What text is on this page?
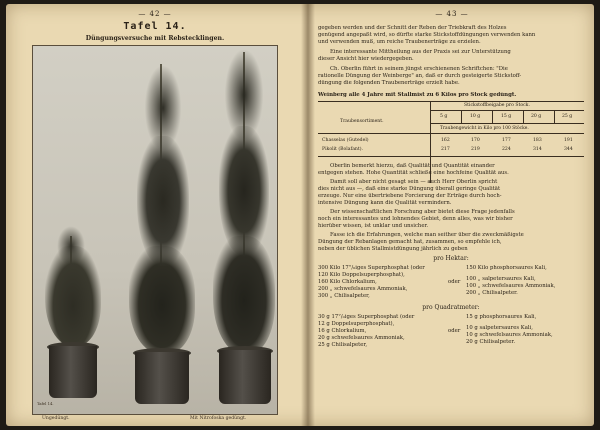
— 42 —
Tafel 14.
Düngungsversuche mit Rebstecklingen.
Tafel 14.
Ungedüngt.	Mit Nitrofoska gedüngt.
— 43 —
gegeben werden und der Schnitt der Reben der Triebkraft des Holzes
genügend angepaßt wird, so dürfte starke Stickstoffdüngungen verwenden kann
und verwenden muß, um reiche Traubenerträge zu erzielen.
Eine interessante Mittheilung aus der Praxis sei zur Unterstützung
dieser Ansicht hier wiedergegeben.
Ch. Oberlin führt in seinem jüngst erschienenen Schriftchen: "Die
rationelle Düngung der Weinberge" an, daß er durch gesteigerte Stickstoff-
düngung die folgenden Traubenerträge erzielt habe.
Weinberg alle 4 Jahre mit Stallmist zu 6 Kilos pro Stock gedüngt.
Stickstoffbeigabe pro Stock.
Traubensortiment.
5 g	10 g	15 g	20 g	25 g
Traubengewicht in Kilo pro 100 Stöcke.
Chasselas (Gutedel)	162	170	177	183	191
Pikolit (Bolafant).	217	219	224	314	344
Oberlin bemerkt hierzu, daß Qualität und Quantität einander
entgegen stehen. Hohe Quantität schließe eine hochfeine Qualität aus.
Damit soll aber nicht gesagt sein — auch Herr Oberlin spricht
dies nicht aus —, daß eine starke Düngung überall geringe Qualität
erzeuge. Nur eine übertriebene Forcierung der Erträge durch hoch-
intensive Düngung kann die Qualität vermindern.
Der wissenschaftlichen Forschung aber bietet diese Frage jedenfalls
noch ein interessantes und lohnendes Gebiet, denn alles, was wir bisher
hierüber wissen, ist unklar und unsicher.
Fasse ich die Erfahrungen, welche man seither über die zweckmäßigste
Düngung der Rebanlagen gemacht hat, zusammen, so empfehle ich,
neben der üblichen Stallmistdüngung jährlich zu geben
pro Hektar:
300 Kilo 17°/₀iges Superphosphat (oder
120 Kilo Doppelsuperphosphat),
160 Kilo Chlorkalium,
200 „ schwefelsaures Ammoniak,
300 „ Chilisalpeter,
oder
150 Kilo phosphorsaures Kali,
100 „ salpetersaures Kali,
100 „ schwefelsaures Ammoniak,
200 „ Chilisalpeter.
pro Quadratmeter:
30 g 17°/₀iges Superphosphat (oder
12 g Doppelsuperphosphat),
16 g Chlorkalium,
20 g schwefelsaures Ammoniak,
25 g Chilisalpeter,
oder
15 g phosphorsaures Kali,
10 g salpetersaures Kali,
10 g schwefelsaures Ammoniak,
20 g Chilisalpeter.
